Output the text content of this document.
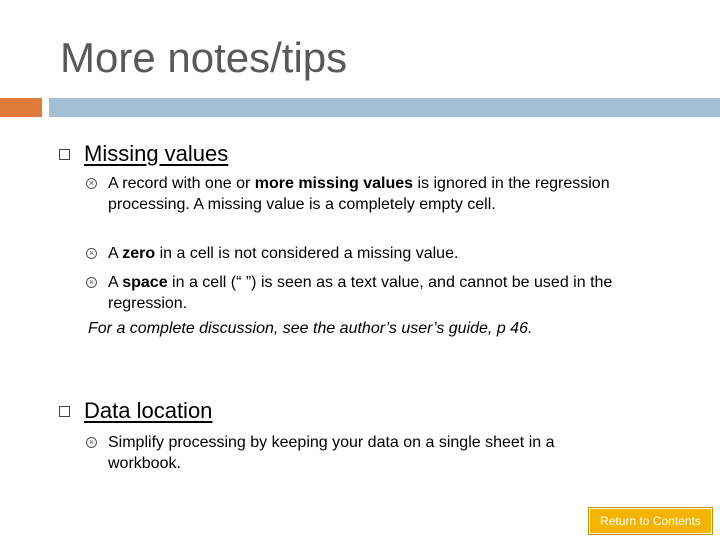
More notes/tips
Missing values
× A record with one or more missing values is ignored in the regression processing. A missing value is a completely empty cell.
× A zero in a cell is not considered a missing value.
× A space in a cell (“ ”) is seen as a text value, and cannot be used in the regression.
For a complete discussion, see the author’s user’s guide, p 46.
Data location
× Simplify processing by keeping your data on a single sheet in a workbook.
Return to Contents
